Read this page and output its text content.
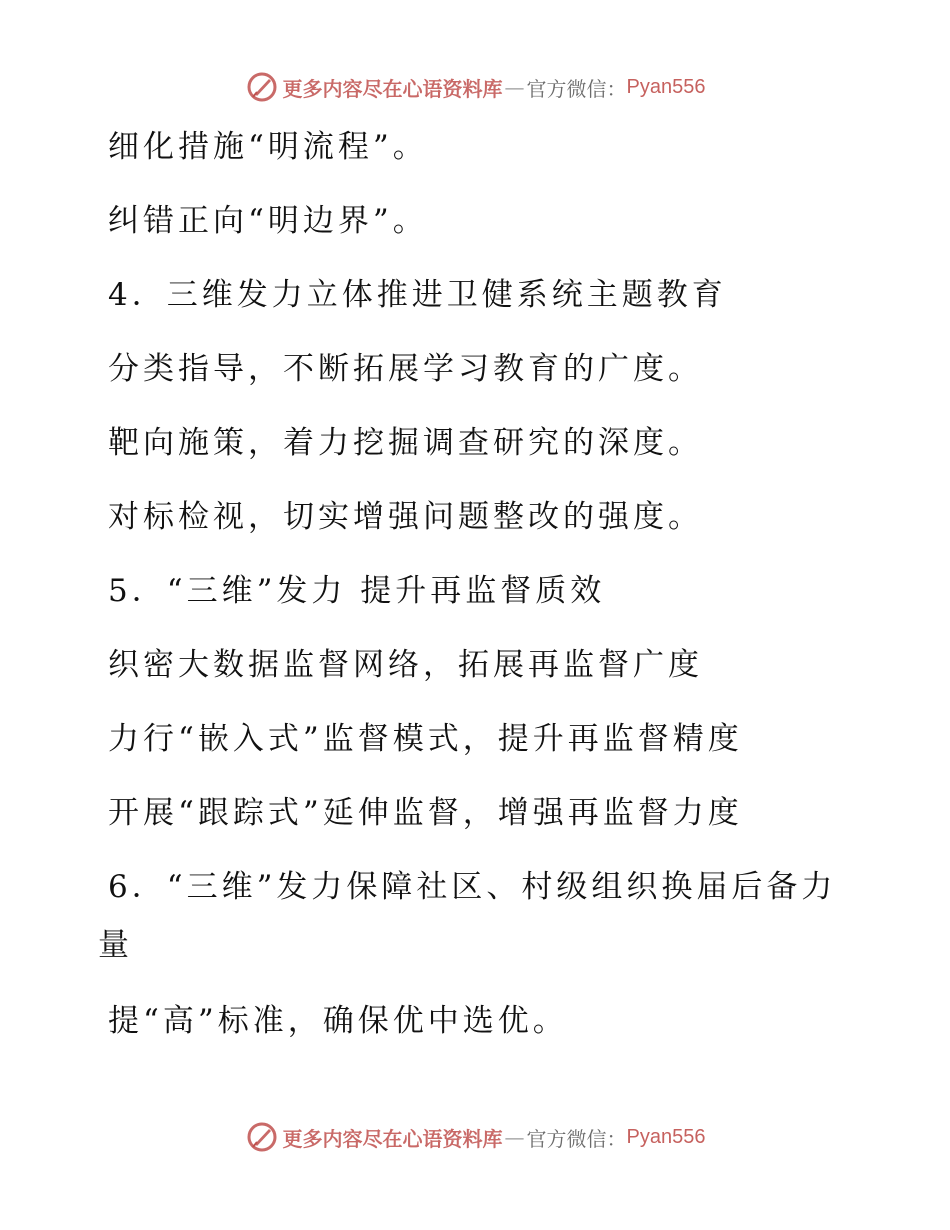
更多内容尽在心语资料库 — 官方微信： Pyan556
细化措施“明流程”。
纠错正向“明边界”。
4．三维发力立体推进卫健系统主题教育
分类指导，不断拓展学习教育的广度。
靶向施策，着力挖掘调查研究的深度。
对标检视，切实增强问题整改的强度。
5．“三维”发力 提升再监督质效
织密大数据监督网络，拓展再监督广度
力行“嵌入式”监督模式，提升再监督精度
开展“跟踪式”延伸监督，增强再监督力度
6．“三维”发力保障社区、村级组织换届后备力
量
提“高”标准，确保优中选优。
更多内容尽在心语资料库 — 官方微信： Pyan556
